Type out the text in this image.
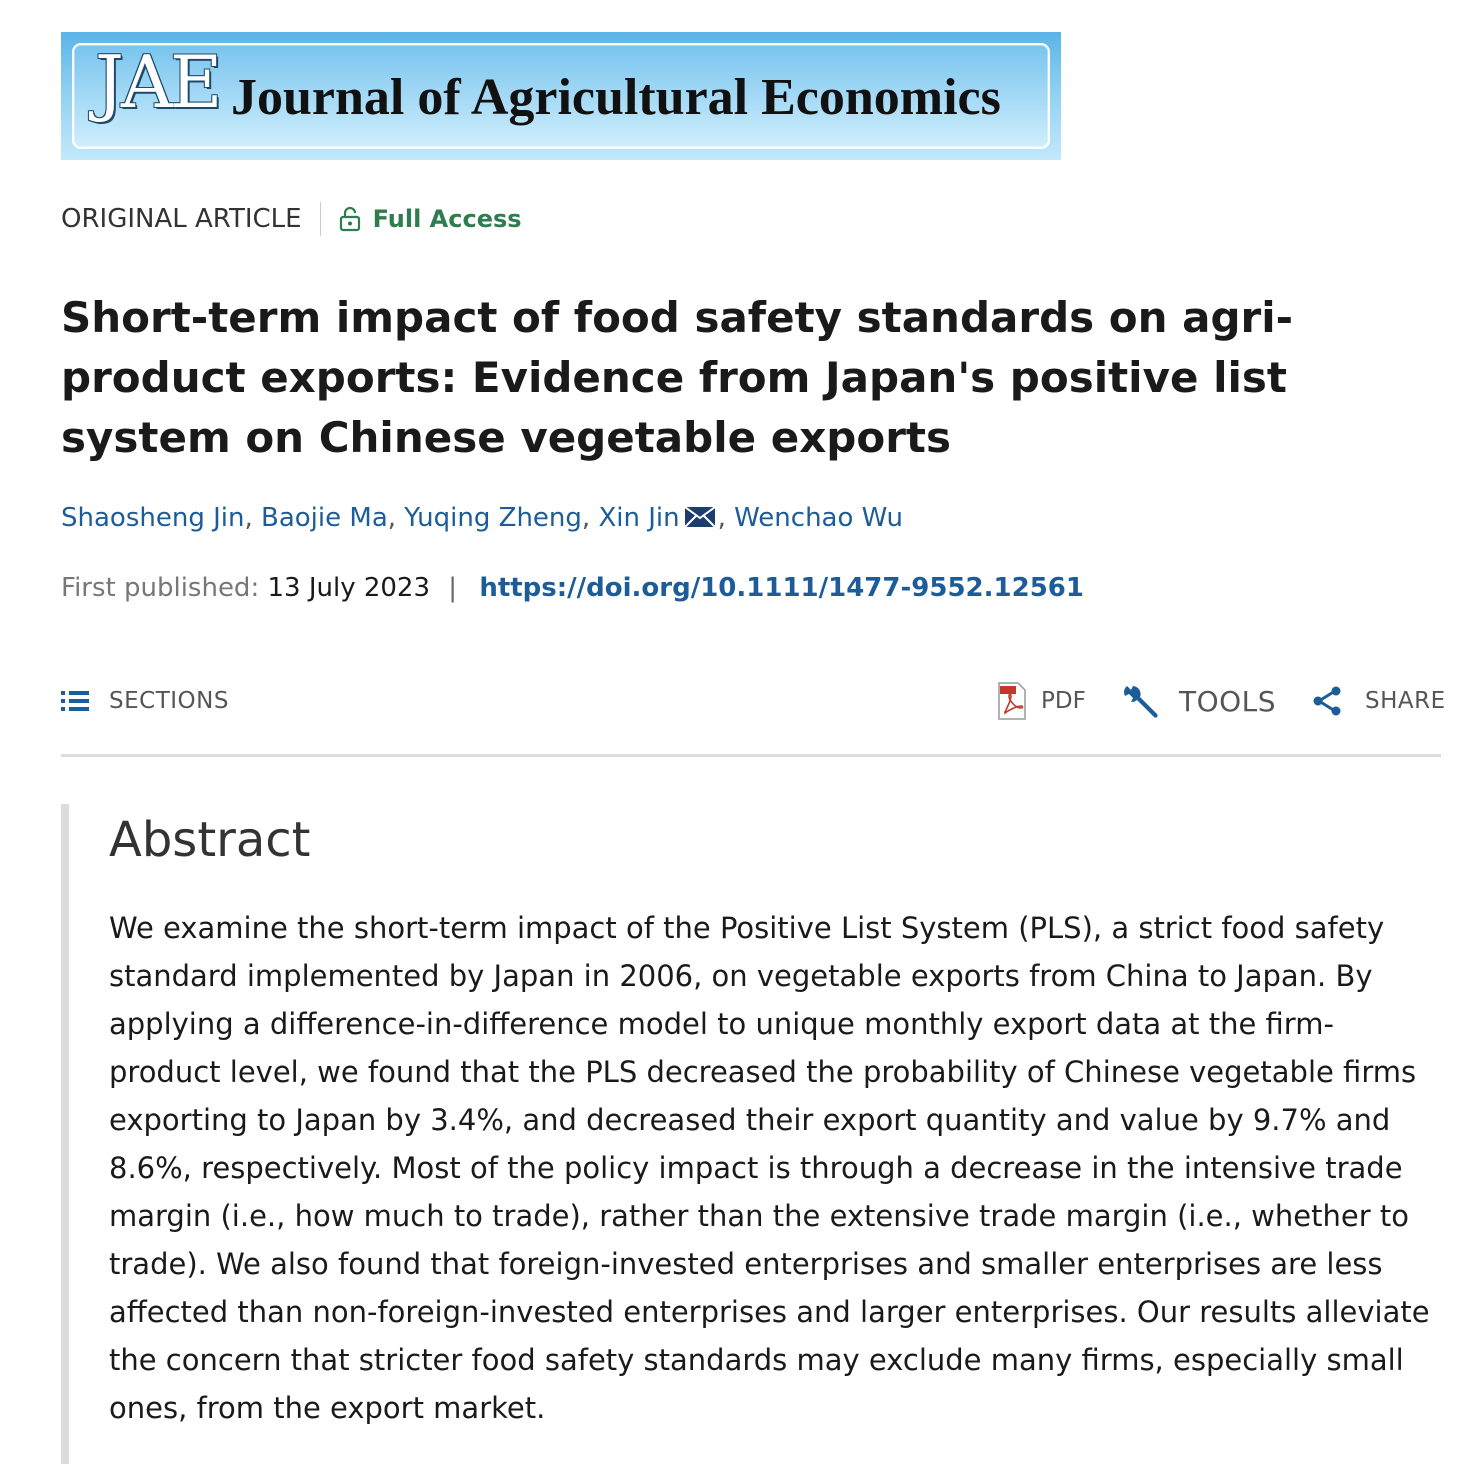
JAE Journal of Agricultural Economics
ORIGINAL ARTICLE	Full Access
Short-term impact of food safety standards on agri-product exports: Evidence from Japan's positive list system on Chinese vegetable exports
Shaosheng Jin, Baojie Ma, Yuqing Zheng, Xin Jin , Wenchao Wu
First published: 13 July 2023 | https://doi.org/10.1111/1477-9552.12561
SECTIONS	PDF	TOOLS	SHARE
Abstract

We examine the short-term impact of the Positive List System (PLS), a strict food safety standard implemented by Japan in 2006, on vegetable exports from China to Japan. By applying a difference-in-difference model to unique monthly export data at the firm-product level, we found that the PLS decreased the probability of Chinese vegetable firms exporting to Japan by 3.4%, and decreased their export quantity and value by 9.7% and 8.6%, respectively. Most of the policy impact is through a decrease in the intensive trade margin (i.e., how much to trade), rather than the extensive trade margin (i.e., whether to trade). We also found that foreign-invested enterprises and smaller enterprises are less affected than non-foreign-invested enterprises and larger enterprises. Our results alleviate the concern that stricter food safety standards may exclude many firms, especially small ones, from the export market.
